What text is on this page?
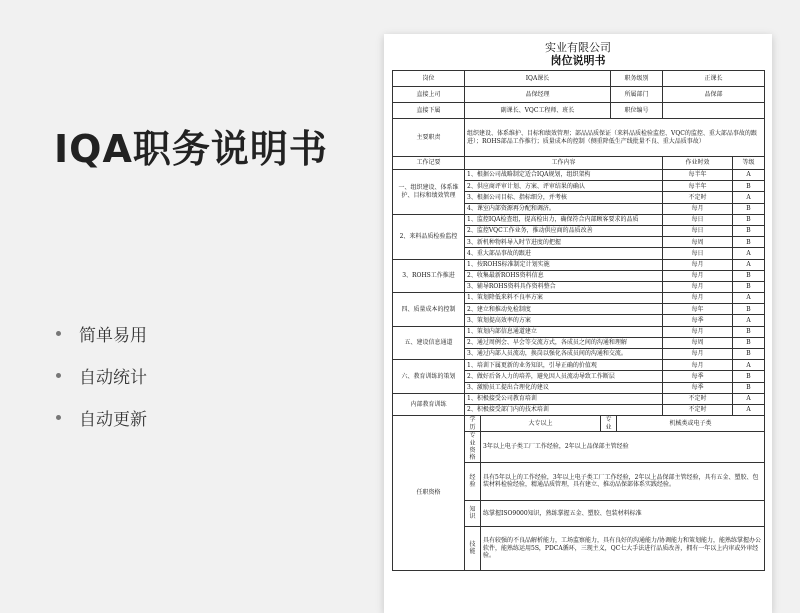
IQA职务说明书
简单易用
自动统计
自动更新
实业有限公司
岗位说明书
岗位	IQA课长	职务级别	正课长	
直接上司	品保经理	所属部门	品保部	
直接下属	副课长、VQC工程师、班长	职位编号		
主要职责	组织建设、体系维护、目标和绩效管理；部品品质保证（来料品质检验监控、VQC的监控、重大部品事故的跟进）；ROHS部品工作推行；质量成本的控制（侧重降低生产线批量不良、重大品质事故）			
工作记要	工作内容		作业时效	等级
一、组织建设、体系维护、目标和绩效管理	1、根据公司战略制定适合IQA规划，组织架构		每半年	A
	2、供应商评审计划、方案、评审结果的确认		每半年	B
	3、根据公司目标、指标细分，并考核		不定时	A
	4、课室内部资源再分配和调济。		每月	B
2、来料品质检验监控	1、监控IQA检查组，提高检出力，确保符合内部顾客要求的品质		每日	B
	2、监控VQC工作业务，推动供应商的品质改善		每日	B
	3、新机种物料导入时节进度的把握		每周	B
	4、重大部品事故的跟进		每日	A
3、ROHS工作推进	1、按ROHS标准制定计划实施		每月	A
	2、收集最新ROHS资料信息		每月	B
	3、辅导ROHS资料具作资料整合		每月	B
四、质量成本的控制	1、策划降低来料不良率方案		每月	A
	2、建立和推动免检制度		每年	B
	3、策划提高效率的方案		每季	A
五、建设信息通道	1、策划内部信息通道建立		每月	B
	2、通过周例会、早会等交流方式，各成员之间的沟通和理解		每周	B
	3、通过内部人员流动，换岗以强化各成员间的沟通和交流。		每月	B
六、教育训练的策划	1、培训下属更新的业务知识，引导正确的价值观		每月	A
	2、做好后备人力的培养，避免因人员流动导致工作断层		每季	B
	3、激励员工提出合理化的建议		每季	B
内部教育训练	1、积极接受公司教育培训		不定时	A
	2、积极接受部门内的技术培训		不定时	A
任职资格	学历	大专以上	专业	机械类或电子类
	专业资格	3年以上电子类工厂工作经验，2年以上品保部主管经验		
	经验	具有5年以上的工作经验，3年以上电子类工厂工作经验，2年以上品保部主管经验，具有五金、塑胶、包装材料检验经验，精通品质管理，具有建立、推动品保部体系实践经验。		
	知识	练掌握ISO9000知识，熟练掌握五金、塑胶、包装材料标准		
	技能	具有较强的不良品解析能力，工场监察能力，具有良好的沟通能力/协调能力和策划能力，能熟练掌握办公软件，能熟练运用5S，PDCA循环，三现主义，QC七大手法进行品质改善，拥有一年以上内审或外审经验。		
